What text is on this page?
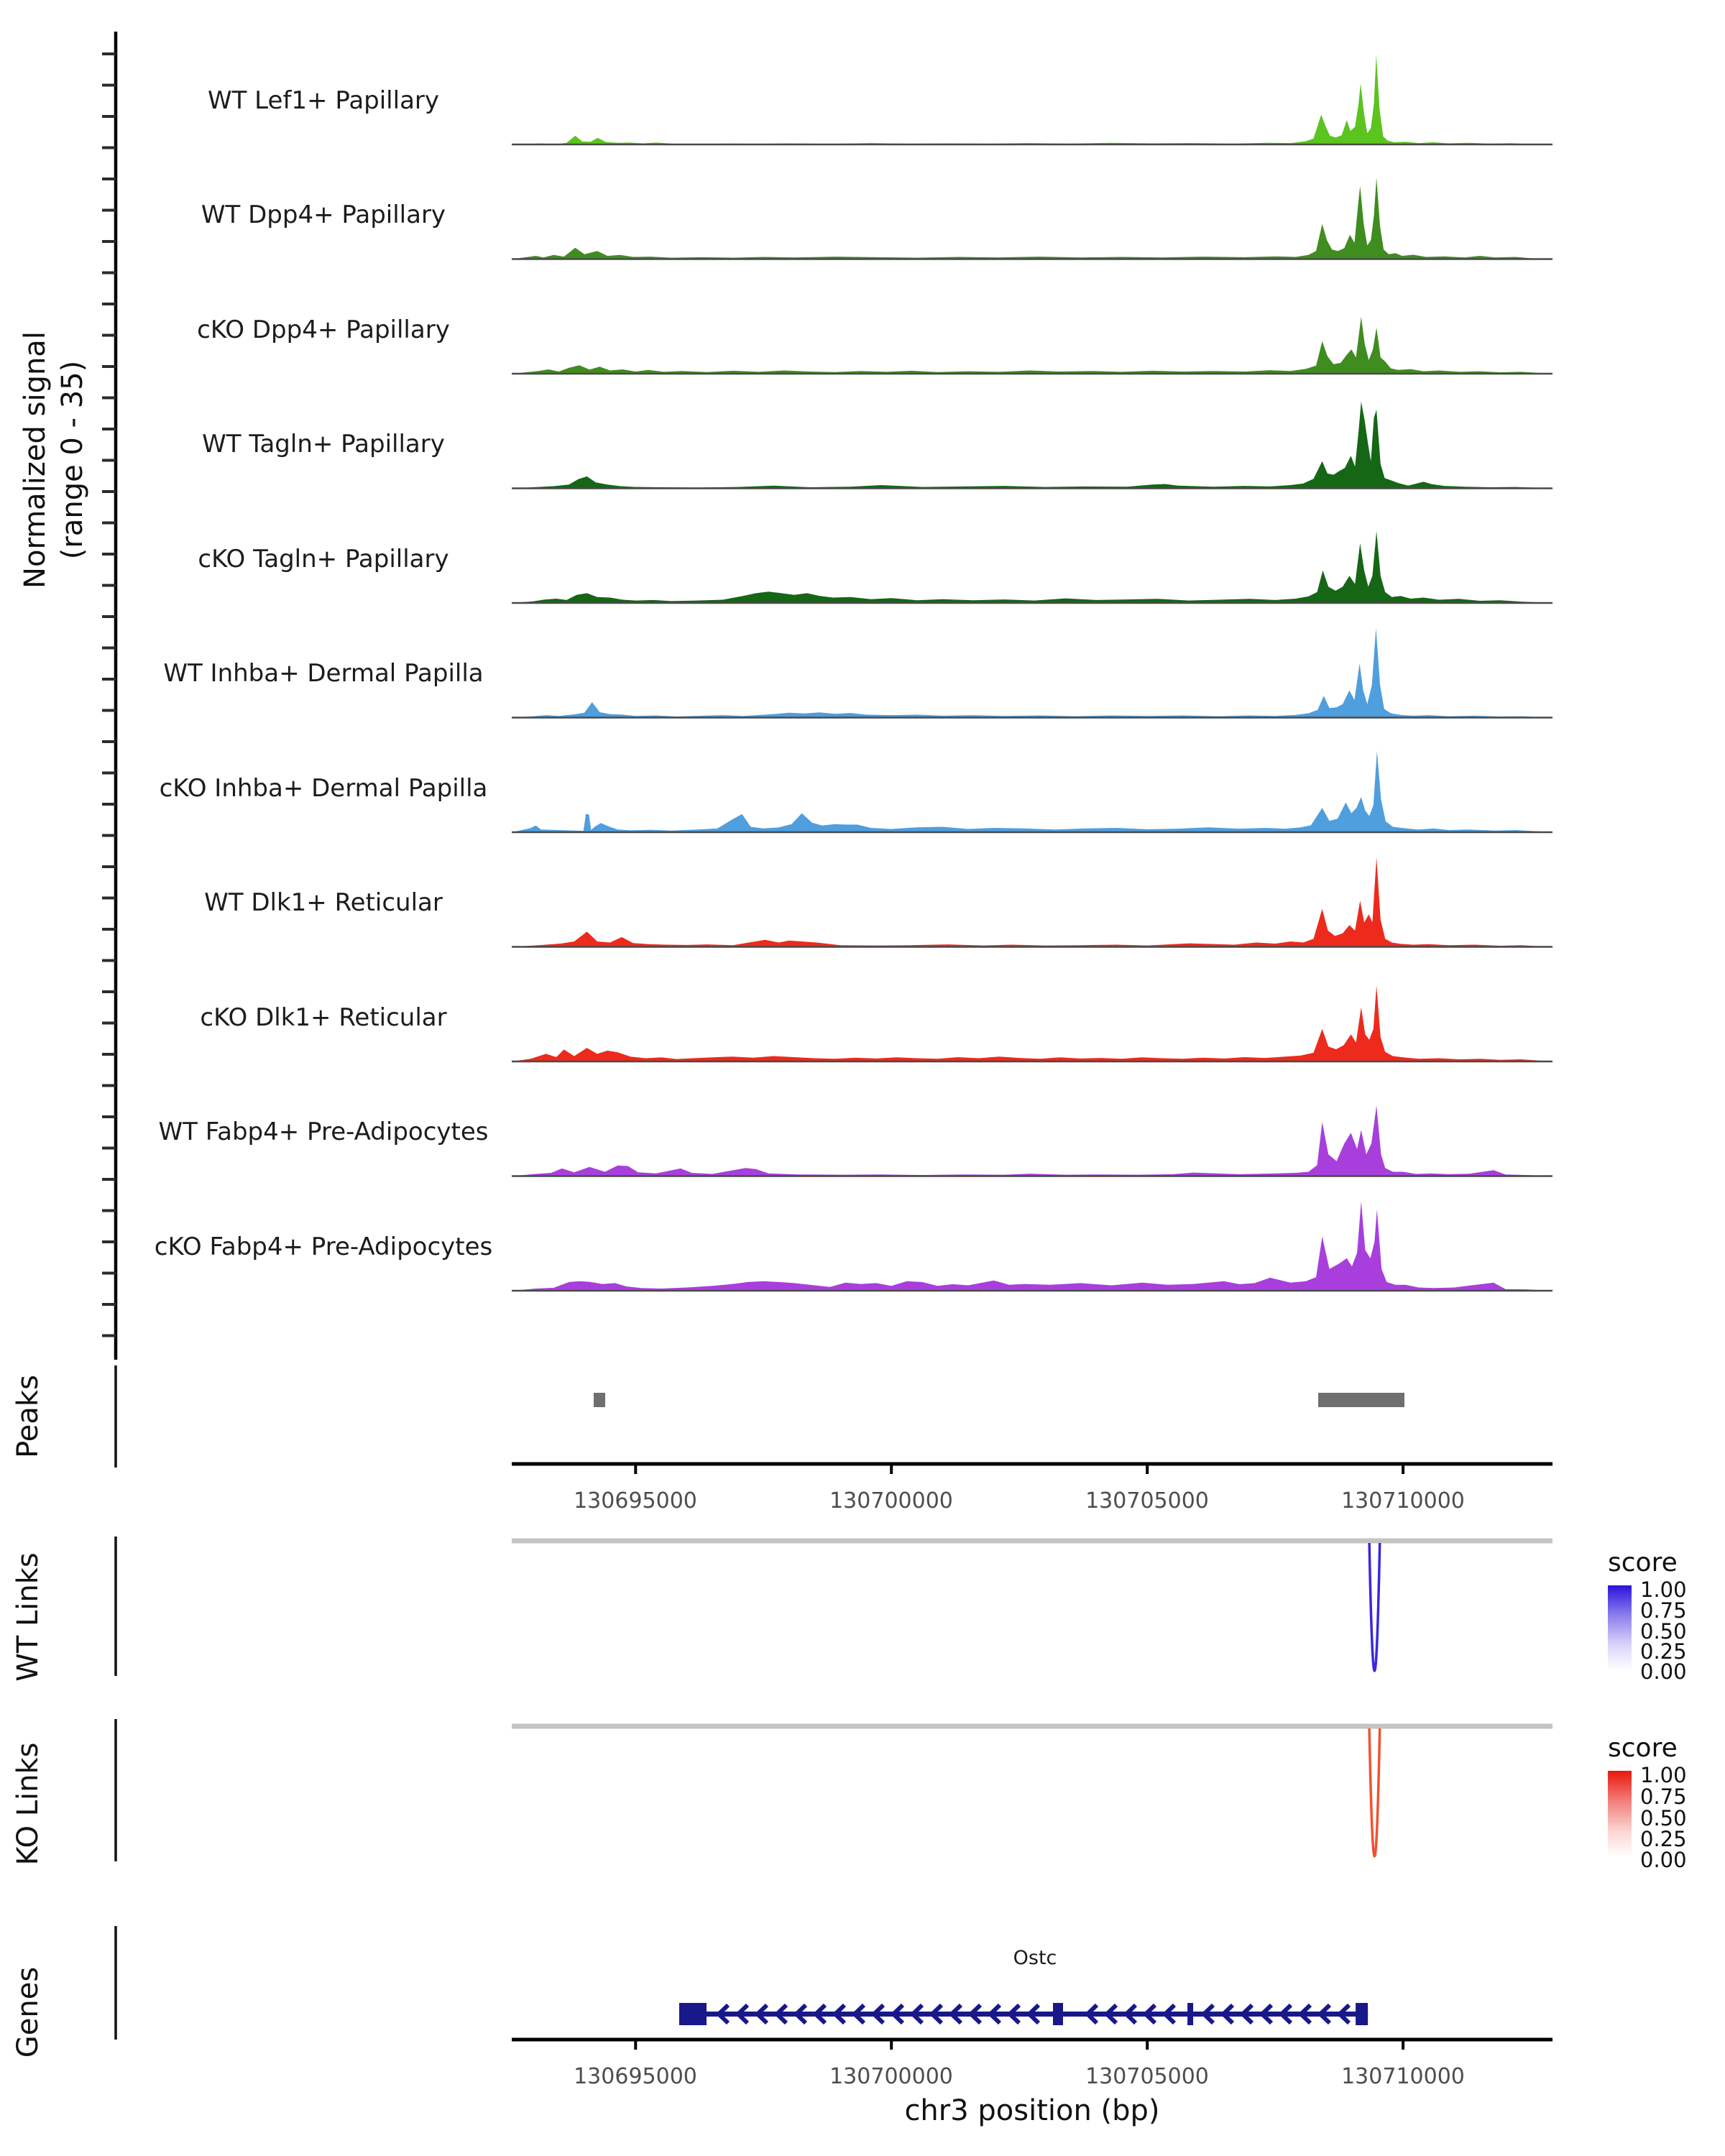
Normalized signal (range 0 - 35)
WT Lef1+ Papillary
WT Dpp4+ Papillary
cKO Dpp4+ Papillary
WT Tagln+ Papillary
cKO Tagln+ Papillary
WT Inhba+ Dermal Papilla
cKO Inhba+ Dermal Papilla
WT Dlk1+ Reticular
cKO Dlk1+ Reticular
WT Fabp4+ Pre-Adipocytes
cKO Fabp4+ Pre-Adipocytes
Peaks
130695000	130700000	130705000	130710000
WT Links	score
1.00
0.75
0.50
0.25
0.00
KO Links	score
1.00
0.75
0.50
0.25
0.00
Genes
Ostc
130695000	130700000	130705000	130710000
chr3 position (bp)
